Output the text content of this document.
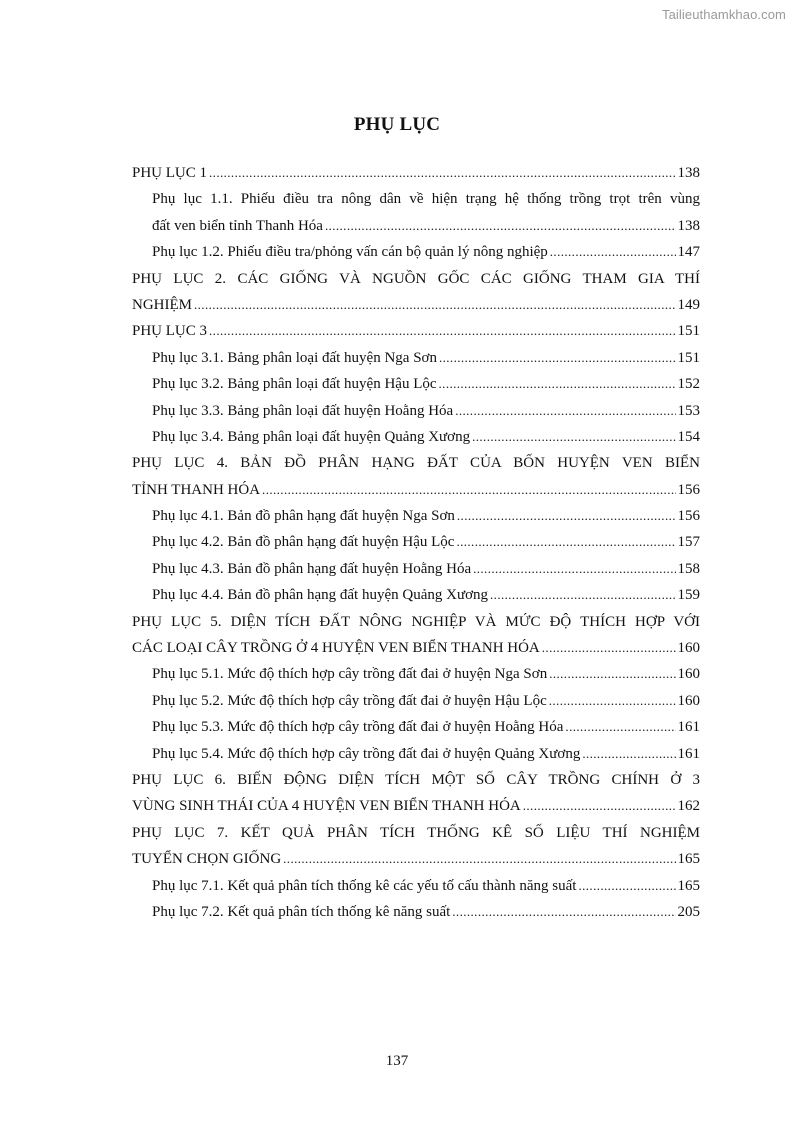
Tailieuthamkhao.com
PHỤ LỤC
PHỤ LỤC 1 .....	138
Phụ lục 1.1. Phiếu điều tra nông dân về hiện trạng hệ thống trồng trọt trên vùng
đất ven biển tỉnh Thanh Hóa .....	138
Phụ lục 1.2. Phiếu điều tra/phỏng vấn cán bộ quản lý nông nghiệp .....	147
PHỤ LỤC 2. CÁC GIỐNG VÀ NGUỒN GỐC CÁC GIỐNG THAM GIA THÍ
NGHIỆM .....	149
PHỤ LỤC 3 .....	151
Phụ lục 3.1. Bảng phân loại đất huyện Nga Sơn .....	151
Phụ lục 3.2. Bảng phân loại đất huyện Hậu Lộc .....	152
Phụ lục 3.3. Bảng phân loại đất huyện Hoằng Hóa .....	153
Phụ lục 3.4. Bảng phân loại đất huyện Quảng Xương .....	154
PHỤ LỤC 4. BẢN ĐỒ PHÂN HẠNG ĐẤT CỦA BỐN HUYỆN VEN BIỂN
TỈNH THANH HÓA .....	156
Phụ lục 4.1. Bản đồ phân hạng đất huyện Nga Sơn .....	156
Phụ lục 4.2. Bản đồ phân hạng đất huyện Hậu Lộc .....	157
Phụ lục 4.3. Bản đồ phân hạng đất huyện Hoằng Hóa .....	158
Phụ lục 4.4. Bản đồ phân hạng đất huyện Quảng Xương .....	159
PHỤ LỤC 5. DIỆN TÍCH ĐẤT NÔNG NGHIỆP VÀ MỨC ĐỘ THÍCH HỢP VỚI
CÁC LOẠI CÂY TRỒNG Ở 4 HUYỆN VEN BIỂN THANH HÓA .....	160
Phụ lục 5.1. Mức độ thích hợp cây trồng đất đai ở huyện Nga Sơn .....	160
Phụ lục 5.2. Mức độ thích hợp cây trồng đất đai ở huyện Hậu Lộc .....	160
Phụ lục 5.3. Mức độ thích hợp cây trồng đất đai ở huyện Hoằng Hóa .....	161
Phụ lục 5.4. Mức độ thích hợp cây trồng đất đai ở huyện Quảng Xương .....	161
PHỤ LỤC 6. BIẾN ĐỘNG DIỆN TÍCH MỘT SỐ CÂY TRỒNG CHÍNH Ở 3
VÙNG SINH THÁI CỦA 4 HUYỆN VEN BIỂN THANH HÓA .....	162
PHỤ LỤC 7. KẾT QUẢ PHÂN TÍCH THỐNG KÊ SỐ LIỆU THÍ NGHIỆM
TUYỂN CHỌN GIỐNG .....	165
Phụ lục 7.1. Kết quả phân tích thống kê các yếu tố cấu thành năng suất .....	165
Phụ lục 7.2. Kết quả phân tích thống kê năng suất .....	205
137
